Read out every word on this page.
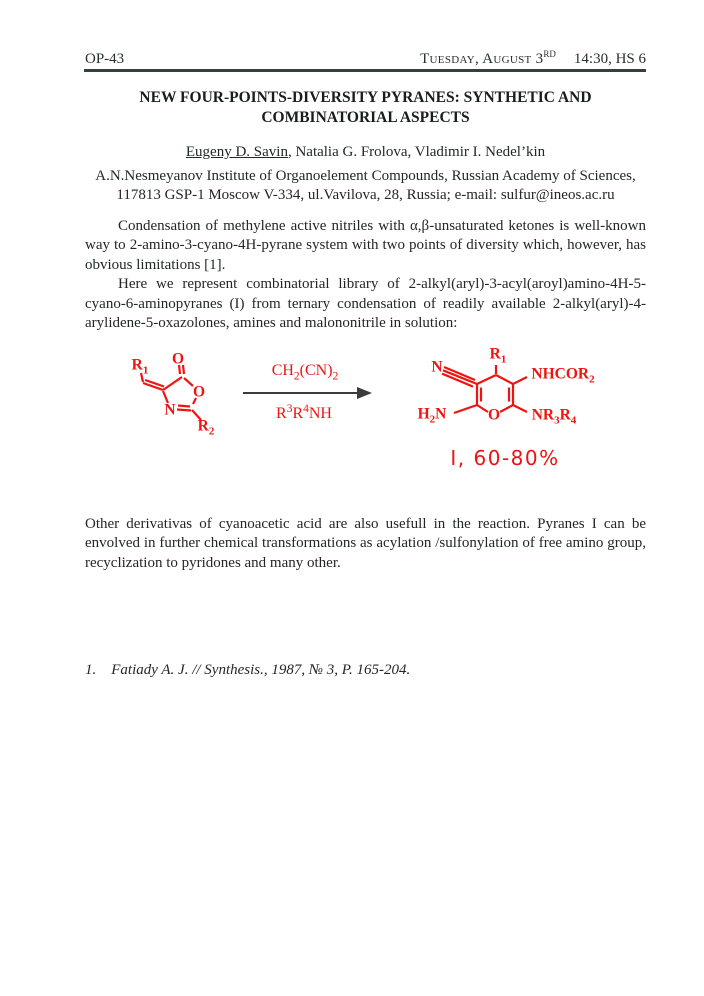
OP-43	Tuesday, August 3RD 14:30, HS 6
NEW FOUR-POINTS-DIVERSITY PYRANES: SYNTHETIC AND
COMBINATORIAL ASPECTS
Eugeny D. Savin, Natalia G. Frolova, Vladimir I. Nedel’kin
A.N.Nesmeyanov Institute of Organoelement Compounds, Russian Academy of Sciences,
117813 GSP-1 Moscow V-334, ul.Vavilova, 28, Russia; e-mail: sulfur@ineos.ac.ru

Condensation of methylene active nitriles with α,β-unsaturated ketones is well-known way to 2-amino-3-cyano-4H-pyrane system with two points of diversity which, however, has obvious limitations [1].

Here we represent combinatorial library of 2-alkyl(aryl)-3-acyl(aroyl)amino-4H-5-cyano-6-aminopyranes (I) from ternary condensation of readily available 2-alkyl(aryl)-4-arylidene-5-oxazolones, amines and malononitrile in solution:

$R_1$
O
O
N
$R_2$
$CH_2(CN)_2$
$R^3R^4NH$
N
$R_1$
$NHCOR_2$
$H_2N$	O $NR_3R_4$
I, 60-80%

Other derivativas of cyanoacetic acid are also usefull in the reaction. Pyranes I can be envolved in further chemical transformations as acylation /sulfonylation of free amino group, recyclization to pyridones and many other.

1. Fatiady A. J. // Synthesis., 1987, № 3, P. 165-204.
